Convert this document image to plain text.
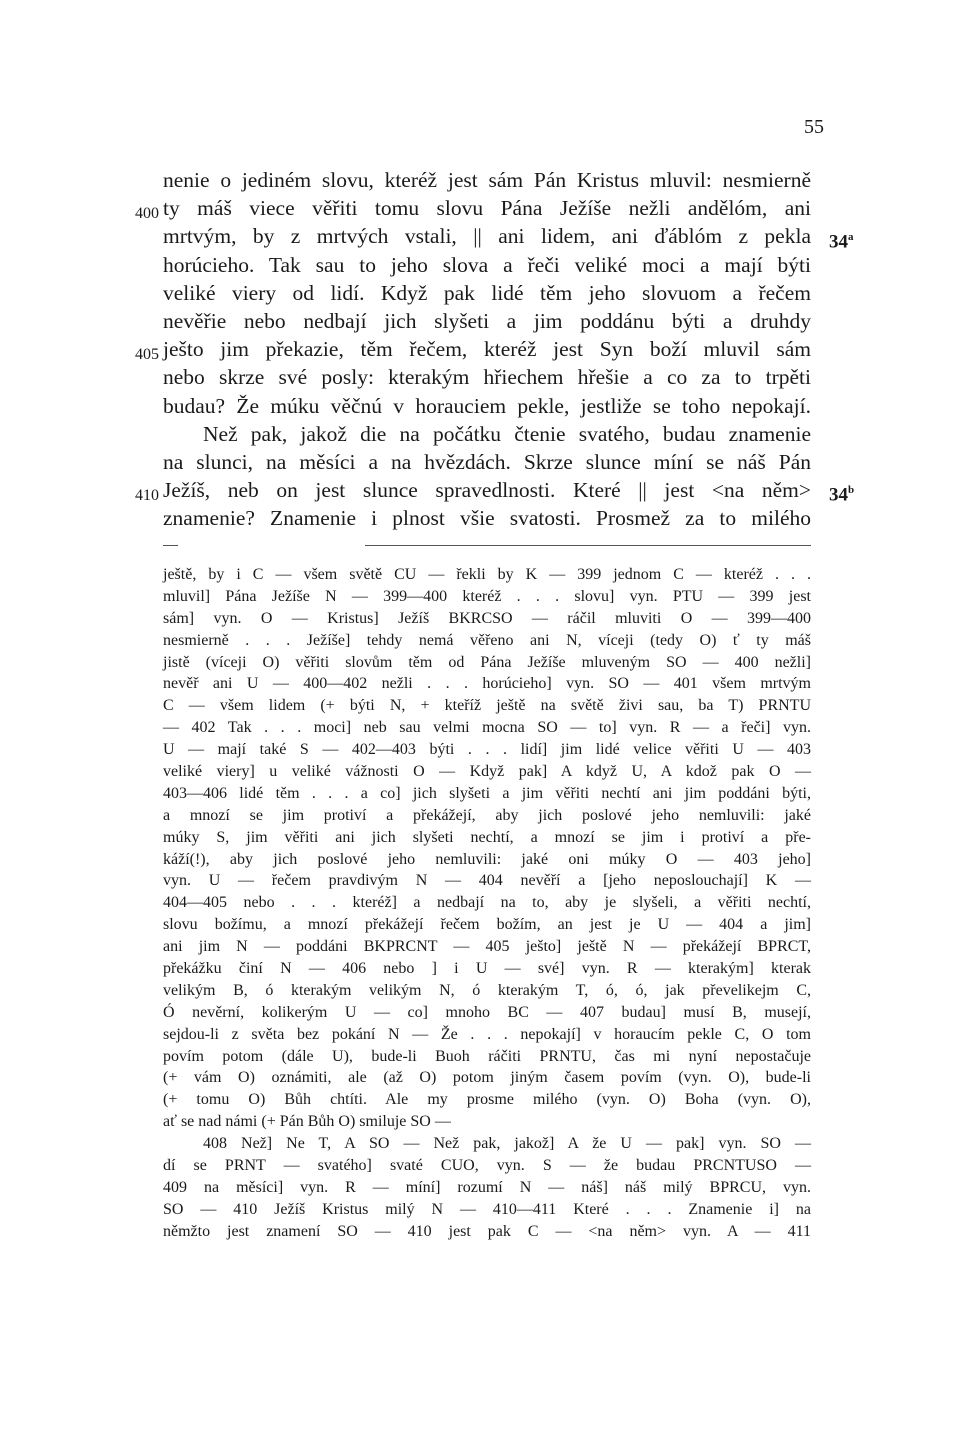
55
nenie o jediném slovu, kteréž jest sám Pán Kristus mluvil: nesmierně
ty máš viece věřiti tomu slovu Pána Ježíše nežli andělóm, ani
mrtvým, by z mrtvých vstali, || ani lidem, ani ďáblóm z pekla
horúcieho. Tak sau to jeho slova a řeči veliké moci a mají býti
veliké viery od lidí. Když pak lidé těm jeho slovuom a řečem
nevěřie nebo nedbají jich slyšeti a jim poddánu býti a druhdy
ještο jim překazie, těm řečem, kteréž jest Syn boží mluvil sám
nebo skrze své posly: kterakým hřiechem hřešie a co za to trpěti
budau? Že múku věčnú v horauciem pekle, jestliže se toho nepokají.
Než pak, jakož die na počátku čtenie svatého, budau znamenie
na slunci, na měsíci a na hvězdách. Skrze slunce míní se náš Pán
Ježíš, neb on jest slunce spravedlnosti. Které || jest <na něm>
znamenie? Znamenie i plnost všie svatosti. Prosmež za to milého
400
405
410
34$^a$
34$^b$
ještě, by i C — všem světě CU — řekli by K — 399 jednom C — kteréž . . .
mluvil] Pána Ježíše N — 399—400 kteréž . . . slovu] vyn. PTU — 399 jest
sám] vyn. O — Kristus] Ježíš BKRCSO — ráčil mluviti O — 399—400
nesmierně . . . Ježíše] tehdy nemá věřeno ani N, víceji (tedy O) ť ty máš
jistě (víceji O) věřiti slovům těm od Pána Ježíše mluveným SO — 400 nežli]
nevěř ani U — 400—402 nežli . . . horúcieho] vyn. SO — 401 všem mrtvým
C — všem lidem (+ býti N, + kteříž ještě na světě živi sau, ba T) PRNTU
— 402 Tak . . . moci] neb sau velmi mocna SO — to] vyn. R — a řeči] vyn.
U — mají také S — 402—403 býti . . . lidí] jim lidé velice věřiti U — 403
veliké viery] u veliké vážnosti O — Když pak] A když U, A kdož pak O —
403—406 lidé těm . . . a co] jich slyšeti a jim věřiti nechtí ani jim poddáni býti,
a mnozí se jim protiví a překážejí, aby jich poslové jeho nemluvili: jaké
múky S, jim věřiti ani jich slyšeti nechtí, a mnozí se jim i protiví a pře-
káží(!), aby jich poslové jeho nemluvili: jaké oni múky O — 403 jeho]
vyn. U — řečem pravdivým N — 404 nevěří a [jeho neposlouchají] K —
404—405 nebo . . . kteréž] a nedbají na to, aby je slyšeli, a věřiti nechtí,
slovu božímu, a mnozí překážejí řečem božím, an jest je U — 404 a jim]
ani jim N — poddáni BKPRCNT — 405 ješto] ještě N — překážejí BPRCT,
překážku činí N — 406 nebo ] i U — své] vyn. R — kterakým] kterak
velikým B, ó kterakým velikým N, ó kterakým T, ó, ó, jak převelikejm C,
Ó nevěrní, kolikerým U — co] mnoho BC — 407 budau] musí B, musejí,
sejdou-li z světa bez pokání N — Že . . . nepokají] v horaucím pekle C, O tom
povím potom (dále U), bude-li Buoh ráčiti PRNTU, čas mi nyní nepostačuje
(+ vám O) oznámiti, ale (až O) potom jiným časem povím (vyn. O), bude-li
(+ tomu O) Bůh chtíti. Ale my prosme milého (vyn. O) Boha (vyn. O),
ať se nad námi (+ Pán Bůh O) smiluje SO —
408 Než] Ne T, A SO — Než pak, jakož] A že U — pak] vyn. SO —
dí se PRNT — svatého] svaté CUO, vyn. S — že budau PRCNTUSO —
409 na měsíci] vyn. R — míní] rozumí N — náš] náš milý BPRCU, vyn.
SO — 410 Ježíš Kristus milý N — 410—411 Které . . . Znamenie i] na
němžto jest znamení SO — 410 jest pak C — <na něm> vyn. A — 411
